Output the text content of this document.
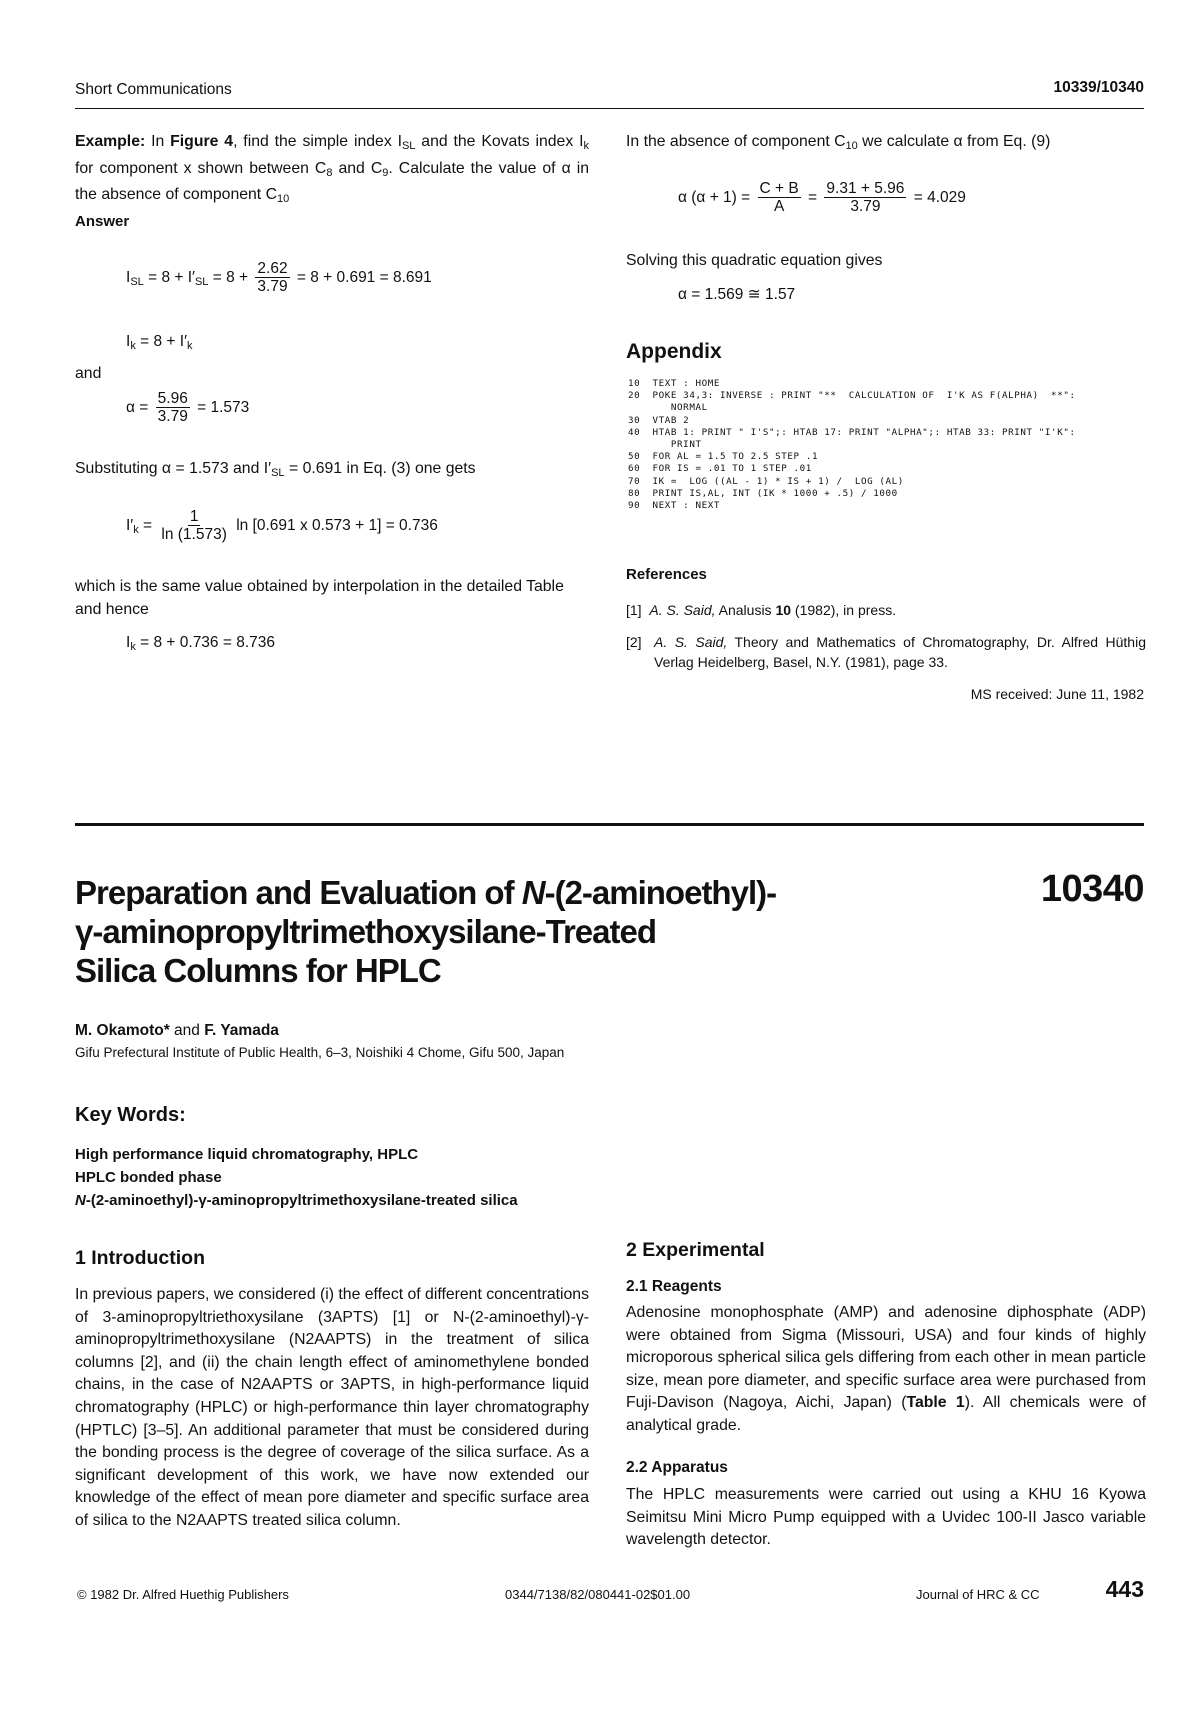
Short Communications	10339/10340
Example: In Figure 4, find the simple index $I_{SL}$ and the Kovats index $I_k$ for component x shown between $C_8$ and $C_9$. Calculate the value of α in the absence of component $C_{10}$
Answer
$I_{SL} = 8 + I'_{SL} = 8 + \frac{2.62}{3.79} = 8 + 0.691 = 8.691$
$I_k = 8 + I'_k$
and
$\alpha = \frac{5.96}{3.79} = 1.573$
Substituting α = 1.573 and $I'_{SL} = 0.691$ in Eq. (3) one gets
$I'_k = \frac{1}{\ln (1.573)}$ ln [0.691 x 0.573 + 1] = 0.736
which is the same value obtained by interpolation in the detailed Table and hence
$I_k = 8 + 0.736 = 8.736$
In the absence of component $C_{10}$ we calculate α from Eq. (9)
α $(\alpha + 1) = \frac{C + B}{A} = \frac{9.31 + 5.96}{3.79} = 4.029$
Solving this quadratic equation gives
α = 1.569 ≅ 1.57
Appendix
10  TEXT : HOME
20  POKE 34,3: INVERSE : PRINT "**  CALCULATION OF  I'K AS F(ALPHA)  **":
NORMAL
30  VTAB 2
40  HTAB 1: PRINT " I'S";: HTAB 17: PRINT "ALPHA";: HTAB 33: PRINT "I'K":
PRINT
50  FOR AL = 1.5 TO 2.5 STEP .1
60  FOR IS = .01 TO 1 STEP .01
70  IK =  LOG ((AL - 1) * IS + 1) /  LOG (AL)
80  PRINT IS,AL, INT (IK * 1000 + .5) / 1000
90  NEXT : NEXT
References
[1] A. S. Said, Analusis 10 (1982), in press.
[2] A. S. Said, Theory and Mathematics of Chromatography, Dr. Alfred Hüthig Verlag Heidelberg, Basel, N.Y. (1981), page 33.
MS received: June 11, 1982
Preparation and Evaluation of N-(2-aminoethyl)-
γ-aminopropyltrimethoxysilane-Treated
Silica Columns for HPLC
10340
M. Okamoto* and F. Yamada
Gifu Prefectural Institute of Public Health, 6–3, Noishiki 4 Chome, Gifu 500, Japan
Key Words:
High performance liquid chromatography, HPLC
HPLC bonded phase
N-(2-aminoethyl)-γ-aminopropyltrimethoxysilane-treated silica
1 Introduction
In previous papers, we considered (i) the effect of different concentrations of 3-aminopropyltriethoxysilane (3APTS) [1] or N-(2-aminoethyl)-γ-aminopropyltrimethoxysilane (N2AAPTS) in the treatment of silica columns [2], and (ii) the chain length effect of aminomethylene bonded chains, in the case of N2AAPTS or 3APTS, in high-performance liquid chromatography (HPLC) or high-performance thin layer chromatography (HPTLC) [3–5]. An additional parameter that must be considered during the bonding process is the degree of coverage of the silica surface. As a significant development of this work, we have now extended our knowledge of the effect of mean pore diameter and specific surface area of silica to the N2AAPTS treated silica column.
2 Experimental
2.1 Reagents
Adenosine monophosphate (AMP) and adenosine diphosphate (ADP) were obtained from Sigma (Missouri, USA) and four kinds of highly microporous spherical silica gels differing from each other in mean particle size, mean pore diameter, and specific surface area were purchased from Fuji-Davison (Nagoya, Aichi, Japan) (Table 1). All chemicals were of analytical grade.
2.2 Apparatus
The HPLC measurements were carried out using a KHU 16 Kyowa Seimitsu Mini Micro Pump equipped with a Uvidec 100-II Jasco variable wavelength detector.
© 1982 Dr. Alfred Huethig Publishers	0344/7138/82/080441-02$01.00	Journal of HRC & CC	443
